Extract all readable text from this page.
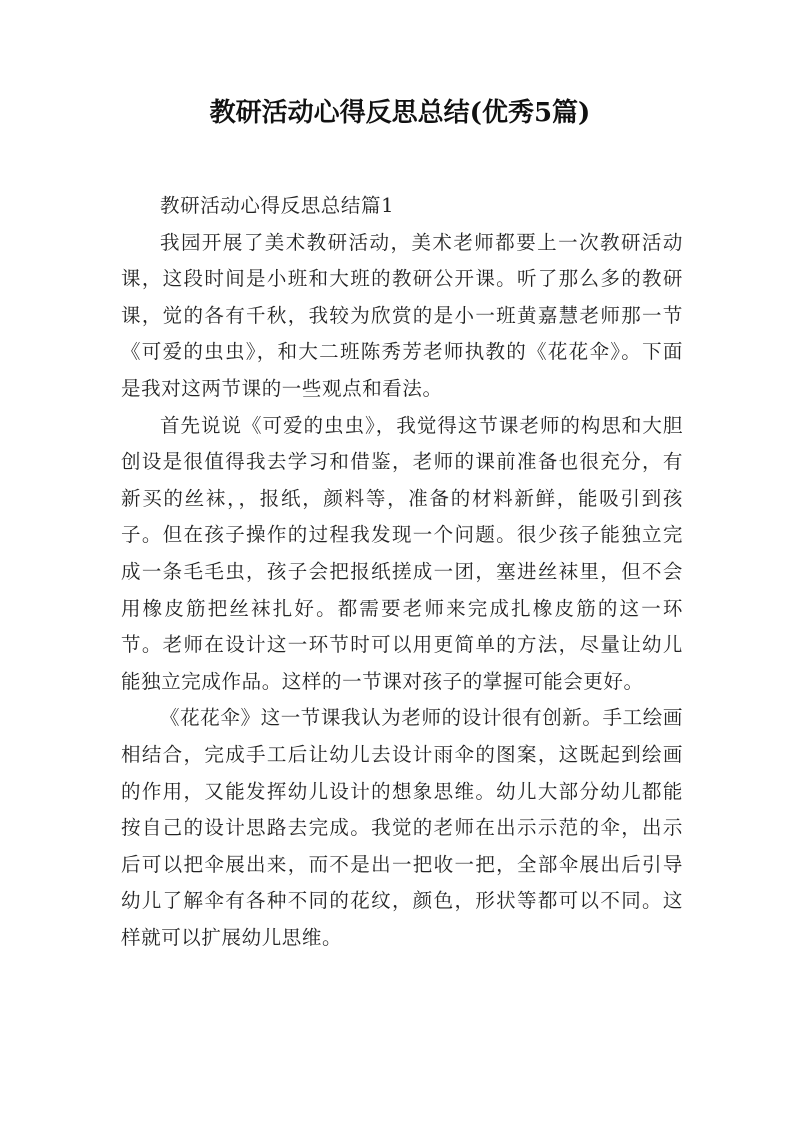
教研活动心得反思总结(优秀5篇)

教研活动心得反思总结篇1

我园开展了美术教研活动，美术老师都要上一次教研活动课，这段时间是小班和大班的教研公开课。听了那么多的教研课，觉的各有千秋，我较为欣赏的是小一班黄嘉慧老师那一节《可爱的虫虫》，和大二班陈秀芳老师执教的《花花伞》。下面是我对这两节课的一些观点和看法。

首先说说《可爱的虫虫》，我觉得这节课老师的构思和大胆创设是很值得我去学习和借鉴，老师的课前准备也很充分，有新买的丝袜，，报纸，颜料等，准备的材料新鲜，能吸引到孩子。但在孩子操作的过程我发现一个问题。很少孩子能独立完成一条毛毛虫，孩子会把报纸搓成一团，塞进丝袜里，但不会用橡皮筋把丝袜扎好。都需要老师来完成扎橡皮筋的这一环节。老师在设计这一环节时可以用更简单的方法，尽量让幼儿能独立完成作品。这样的一节课对孩子的掌握可能会更好。

《花花伞》这一节课我认为老师的设计很有创新。手工绘画相结合，完成手工后让幼儿去设计雨伞的图案，这既起到绘画的作用，又能发挥幼儿设计的想象思维。幼儿大部分幼儿都能按自己的设计思路去完成。我觉的老师在出示示范的伞，出示后可以把伞展出来，而不是出一把收一把，全部伞展出后引导幼儿了解伞有各种不同的花纹，颜色，形状等都可以不同。这样就可以扩展幼儿思维。
